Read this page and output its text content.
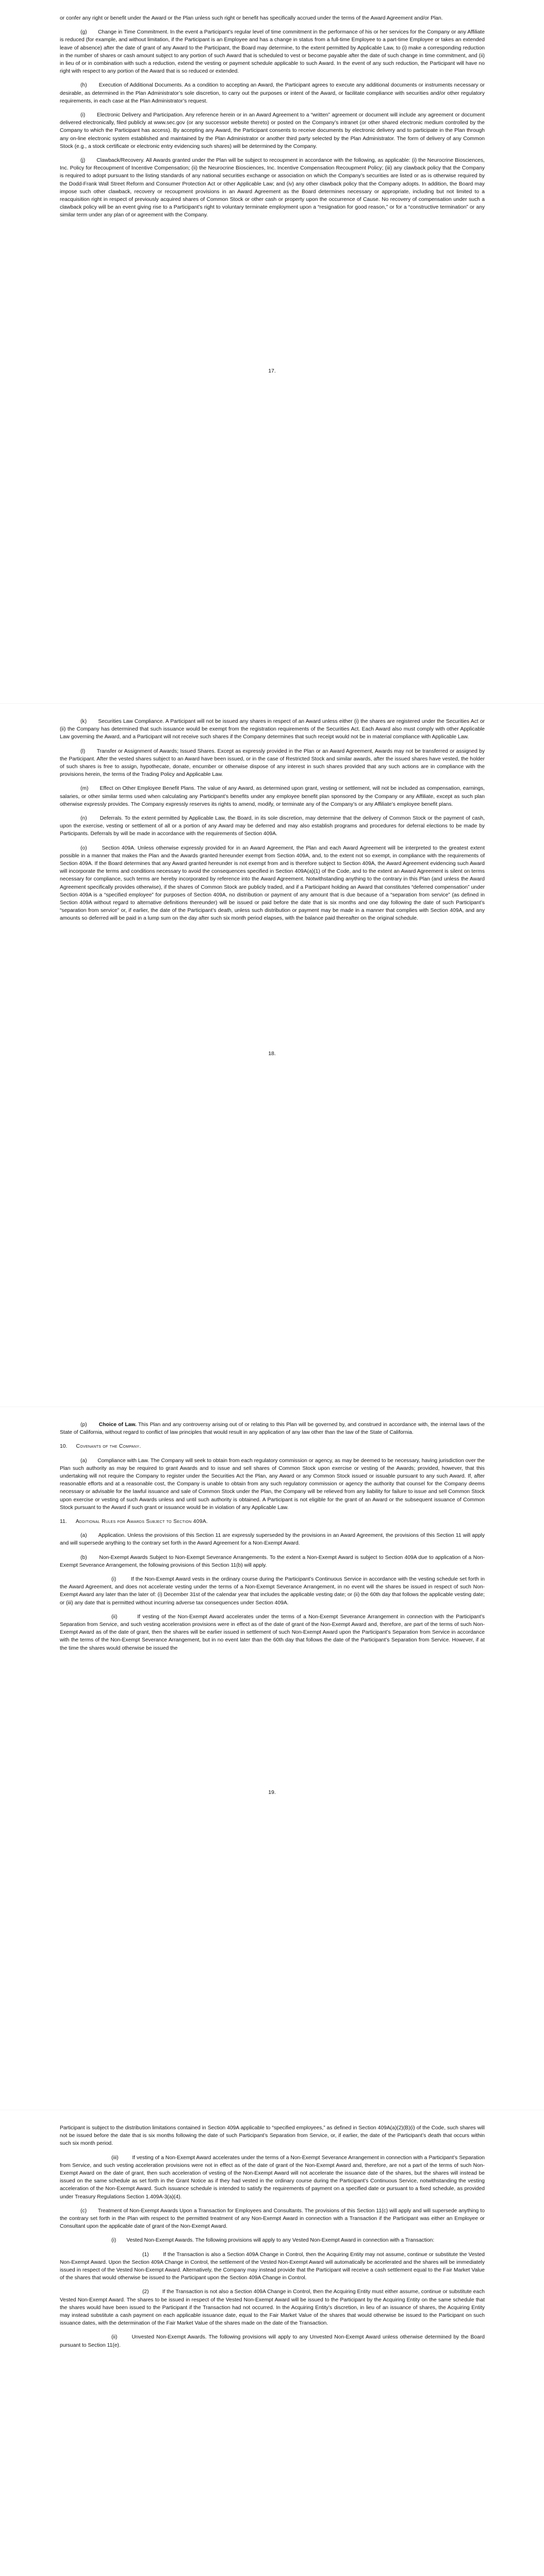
or confer any right or benefit under the Award or the Plan unless such right or benefit has specifically accrued under the terms of the Award Agreement and/or Plan.

(g) Change in Time Commitment. In the event a Participant’s regular level of time commitment in the performance of his or her services for the Company or any Affiliate is reduced (for example, and without limitation, if the Participant is an Employee and has a change in status from a full-time Employee to a part-time Employee or takes an extended leave of absence) after the date of grant of any Award to the Participant, the Board may determine, to the extent permitted by Applicable Law, to (i) make a corresponding reduction in the number of shares or cash amount subject to any portion of such Award that is scheduled to vest or become payable after the date of such change in time commitment, and (ii) in lieu of or in combination with such a reduction, extend the vesting or payment schedule applicable to such Award. In the event of any such reduction, the Participant will have no right with respect to any portion of the Award that is so reduced or extended.

(h) Execution of Additional Documents. As a condition to accepting an Award, the Participant agrees to execute any additional documents or instruments necessary or desirable, as determined in the Plan Administrator’s sole discretion, to carry out the purposes or intent of the Award, or facilitate compliance with securities and/or other regulatory requirements, in each case at the Plan Administrator’s request.

(i) Electronic Delivery and Participation. Any reference herein or in an Award Agreement to a “written” agreement or document will include any agreement or document delivered electronically, filed publicly at www.sec.gov (or any successor website thereto) or posted on the Company’s intranet (or other shared electronic medium controlled by the Company to which the Participant has access). By accepting any Award, the Participant consents to receive documents by electronic delivery and to participate in the Plan through any on-line electronic system established and maintained by the Plan Administrator or another third party selected by the Plan Administrator. The form of delivery of any Common Stock (e.g., a stock certificate or electronic entry evidencing such shares) will be determined by the Company.

(j) Clawback/Recovery. All Awards granted under the Plan will be subject to recoupment in accordance with the following, as applicable: (i) the Neurocrine Biosciences, Inc. Policy for Recoupment of Incentive Compensation; (ii) the Neurocrine Biosciences, Inc. Incentive Compensation Recoupment Policy; (iii) any clawback policy that the Company is required to adopt pursuant to the listing standards of any national securities exchange or association on which the Company’s securities are listed or as is otherwise required by the Dodd-Frank Wall Street Reform and Consumer Protection Act or other Applicable Law; and (iv) any other clawback policy that the Company adopts. In addition, the Board may impose such other clawback, recovery or recoupment provisions in an Award Agreement as the Board determines necessary or appropriate, including but not limited to a reacquisition right in respect of previously acquired shares of Common Stock or other cash or property upon the occurrence of Cause. No recovery of compensation under such a clawback policy will be an event giving rise to a Participant’s right to voluntary terminate employment upon a “resignation for good reason,” or for a “constructive termination” or any similar term under any plan of or agreement with the Company.

17.

(k) Securities Law Compliance. A Participant will not be issued any shares in respect of an Award unless either (i) the shares are registered under the Securities Act or (ii) the Company has determined that such issuance would be exempt from the registration requirements of the Securities Act. Each Award also must comply with other Applicable Law governing the Award, and a Participant will not receive such shares if the Company determines that such receipt would not be in material compliance with Applicable Law.

(l) Transfer or Assignment of Awards; Issued Shares. Except as expressly provided in the Plan or an Award Agreement, Awards may not be transferred or assigned by the Participant. After the vested shares subject to an Award have been issued, or in the case of Restricted Stock and similar awards, after the issued shares have vested, the holder of such shares is free to assign, hypothecate, donate, encumber or otherwise dispose of any interest in such shares provided that any such actions are in compliance with the provisions herein, the terms of the Trading Policy and Applicable Law.

(m) Effect on Other Employee Benefit Plans. The value of any Award, as determined upon grant, vesting or settlement, will not be included as compensation, earnings, salaries, or other similar terms used when calculating any Participant’s benefits under any employee benefit plan sponsored by the Company or any Affiliate, except as such plan otherwise expressly provides. The Company expressly reserves its rights to amend, modify, or terminate any of the Company’s or any Affiliate’s employee benefit plans.

(n) Deferrals. To the extent permitted by Applicable Law, the Board, in its sole discretion, may determine that the delivery of Common Stock or the payment of cash, upon the exercise, vesting or settlement of all or a portion of any Award may be deferred and may also establish programs and procedures for deferral elections to be made by Participants. Deferrals by will be made in accordance with the requirements of Section 409A.

(o)	Section 409A. Unless otherwise expressly provided for in an Award Agreement, the Plan and each Award Agreement will be interpreted to the greatest extent possible in a manner that makes the Plan and the Awards granted hereunder exempt from Section 409A, and, to the extent not so exempt, in compliance with the requirements of Section 409A. If the Board determines that any Award granted hereunder is not exempt from and is therefore subject to Section 409A, the Award Agreement evidencing such Award will incorporate the terms and conditions necessary to avoid the consequences specified in Section 409A(a)(1) of the Code, and to the extent an Award Agreement is silent on terms necessary for compliance, such terms are hereby incorporated by reference into the Award Agreement. Notwithstanding anything to the contrary in this Plan (and unless the Award Agreement specifically provides otherwise), if the shares of Common Stock are publicly traded, and if a Participant holding an Award that constitutes “deferred compensation” under Section 409A is a “specified employee” for purposes of Section 409A, no distribution or payment of any amount that is due because of a “separation from service” (as defined in Section 409A without regard to alternative definitions thereunder) will be issued or paid before the date that is six months and one day following the date of such Participant’s “separation from service” or, if earlier, the date of the Participant’s death, unless such distribution or payment may be made in a manner that complies with Section 409A, and any amounts so deferred will be paid in a lump sum on the day after such six month period elapses, with the balance paid thereafter on the original schedule.

18.

(p) Choice of Law. This Plan and any controversy arising out of or relating to this Plan will be governed by, and construed in accordance with, the internal laws of the State of California, without regard to conflict of law principles that would result in any application of any law other than the law of the State of California.

10. Covenants of the Company.

(a) Compliance with Law. The Company will seek to obtain from each regulatory commission or agency, as may be deemed to be necessary, having jurisdiction over the Plan such authority as may be required to grant Awards and to issue and sell shares of Common Stock upon exercise or vesting of the Awards; provided, however, that this undertaking will not require the Company to register under the Securities Act the Plan, any Award or any Common Stock issued or issuable pursuant to any such Award. If, after reasonable efforts and at a reasonable cost, the Company is unable to obtain from any such regulatory commission or agency the authority that counsel for the Company deems necessary or advisable for the lawful issuance and sale of Common Stock under the Plan, the Company will be relieved from any liability for failure to issue and sell Common Stock upon exercise or vesting of such Awards unless and until such authority is obtained. A Participant is not eligible for the grant of an Award or the subsequent issuance of Common Stock pursuant to the Award if such grant or issuance would be in violation of any Applicable Law.

11. Additional Rules for Awards Subject to Section 409A.

(a) Application. Unless the provisions of this Section 11 are expressly superseded by the provisions in an Award Agreement, the provisions of this Section 11 will apply and will supersede anything to the contrary set forth in the Award Agreement for a Non-Exempt Award.

(b) Non-Exempt Awards Subject to Non-Exempt Severance Arrangements. To the extent a Non-Exempt Award is subject to Section 409A due to application of a Non-Exempt Severance Arrangement, the following provisions of this Section 11(b) will apply.

(i)	If the Non-Exempt Award vests in the ordinary course during the Participant’s Continuous Service in accordance with the vesting schedule set forth in the Award Agreement, and does not accelerate vesting under the terms of a Non-Exempt Severance Arrangement, in no event will the shares be issued in respect of such Non-Exempt Award any later than the later of: (i) December 31st of the calendar year that includes the applicable vesting date; or (ii) the 60th day that follows the applicable vesting date; or (iii) any date that is permitted without incurring adverse tax consequences under Section 409A.

(ii)	If vesting of the Non-Exempt Award accelerates under the terms of a Non-Exempt Severance Arrangement in connection with the Participant’s Separation from Service, and such vesting acceleration provisions were in effect as of the date of grant of the Non-Exempt Award and, therefore, are part of the terms of such Non-Exempt Award as of the date of grant, then the shares will be earlier issued in settlement of such Non-Exempt Award upon the Participant’s Separation from Service in accordance with the terms of the Non-Exempt Severance Arrangement, but in no event later than the 60th day that follows the date of the Participant’s Separation from Service. However, if at the time the shares would otherwise be issued the

19.

Participant is subject to the distribution limitations contained in Section 409A applicable to “specified employees,” as defined in Section 409A(a)(2)(B)(i) of the Code, such shares will not be issued before the date that is six months following the date of such Participant’s Separation from Service, or, if earlier, the date of the Participant’s death that occurs within such six month period.

(iii)	If vesting of a Non-Exempt Award accelerates under the terms of a Non-Exempt Severance Arrangement in connection with a Participant’s Separation from Service, and such vesting acceleration provisions were not in effect as of the date of grant of the Non-Exempt Award and, therefore, are not a part of the terms of such Non-Exempt Award on the date of grant, then such acceleration of vesting of the Non-Exempt Award will not accelerate the issuance date of the shares, but the shares will instead be issued on the same schedule as set forth in the Grant Notice as if they had vested in the ordinary course during the Participant’s Continuous Service, notwithstanding the vesting acceleration of the Non-Exempt Award. Such issuance schedule is intended to satisfy the requirements of payment on a specified date or pursuant to a fixed schedule, as provided under Treasury Regulations Section 1.409A-3(a)(4).

(c) Treatment of Non-Exempt Awards Upon a Transaction for Employees and Consultants. The provisions of this Section 11(c) will apply and will supersede anything to the contrary set forth in the Plan with respect to the permitted treatment of any Non-Exempt Award in connection with a Transaction if the Participant was either an Employee or Consultant upon the applicable date of grant of the Non-Exempt Award.

(i) Vested Non-Exempt Awards. The following provisions will apply to any Vested Non-Exempt Award in connection with a Transaction:

(1)	If the Transaction is also a Section 409A Change in Control, then the Acquiring Entity may not assume, continue or substitute the Vested Non-Exempt Award. Upon the Section 409A Change in Control, the settlement of the Vested Non-Exempt Award will automatically be accelerated and the shares will be immediately issued in respect of the Vested Non-Exempt Award. Alternatively, the Company may instead provide that the Participant will receive a cash settlement equal to the Fair Market Value of the shares that would otherwise be issued to the Participant upon the Section 409A Change in Control.

(2)	If the Transaction is not also a Section 409A Change in Control, then the Acquiring Entity must either assume, continue or substitute each Vested Non-Exempt Award. The shares to be issued in respect of the Vested Non-Exempt Award will be issued to the Participant by the Acquiring Entity on the same schedule that the shares would have been issued to the Participant if the Transaction had not occurred. In the Acquiring Entity’s discretion, in lieu of an issuance of shares, the Acquiring Entity may instead substitute a cash payment on each applicable issuance date, equal to the Fair Market Value of the shares that would otherwise be issued to the Participant on such issuance dates, with the determination of the Fair Market Value of the shares made on the date of the Transaction.

(ii)	Unvested Non-Exempt Awards. The following provisions will apply to any Unvested Non-Exempt Award unless otherwise determined by the Board pursuant to Section 11(e).
